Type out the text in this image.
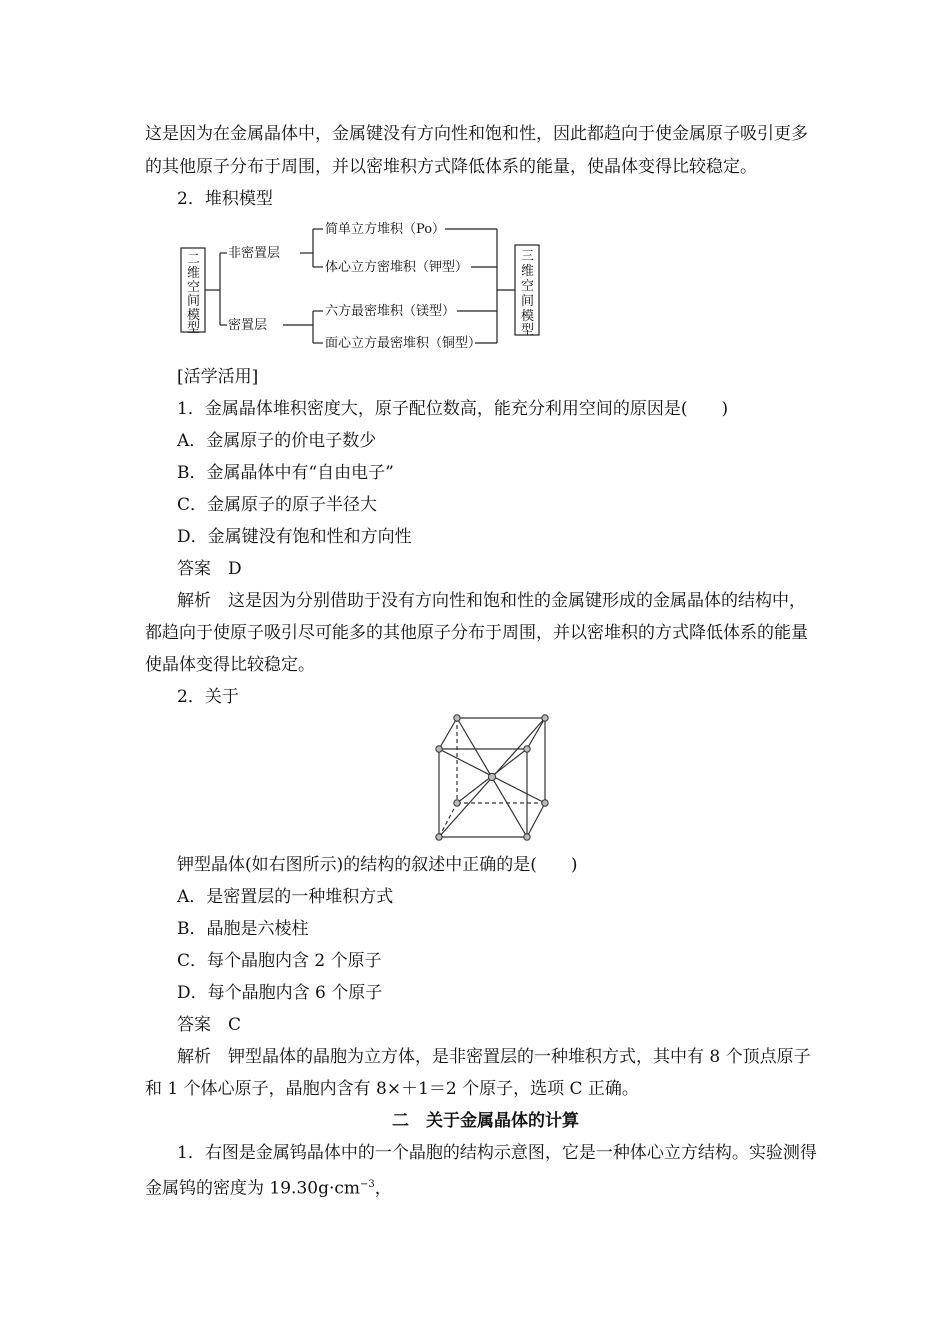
这是因为在金属晶体中，金属键没有方向性和饱和性，因此都趋向于使金属原子吸引更多
的其他原子分布于周围，并以密堆积方式降低体系的能量，使晶体变得比较稳定。
2．堆积模型
二
维
空
间
模
型
三
维
空
间
模
型
非密置层
密置层
简单立方堆积（Po）
体心立方密堆积（钾型）
六方最密堆积（镁型）
面心立方最密堆积（铜型）
[活学活用]
1．金属晶体堆积密度大，原子配位数高，能充分利用空间的原因是(　　)
A．金属原子的价电子数少
B．金属晶体中有“自由电子”
C．金属原子的原子半径大
D．金属键没有饱和性和方向性
答案　D
解析　这是因为分别借助于没有方向性和饱和性的金属键形成的金属晶体的结构中，
都趋向于使原子吸引尽可能多的其他原子分布于周围，并以密堆积的方式降低体系的能量
使晶体变得比较稳定。
2．关于
钾型晶体(如右图所示)的结构的叙述中正确的是(　　)
A．是密置层的一种堆积方式
B．晶胞是六棱柱
C．每个晶胞内含 2 个原子
D．每个晶胞内含 6 个原子
答案　C
解析　钾型晶体的晶胞为立方体，是非密置层的一种堆积方式，其中有 8 个顶点原子
和 1 个体心原子，晶胞内含有 8×＋1＝2 个原子，选项 C 正确。
二　关于金属晶体的计算
1．右图是金属钨晶体中的一个晶胞的结构示意图，它是一种体心立方结构。实验测得
金属钨的密度为 $19.30g\cdot cm^{-3}$，
